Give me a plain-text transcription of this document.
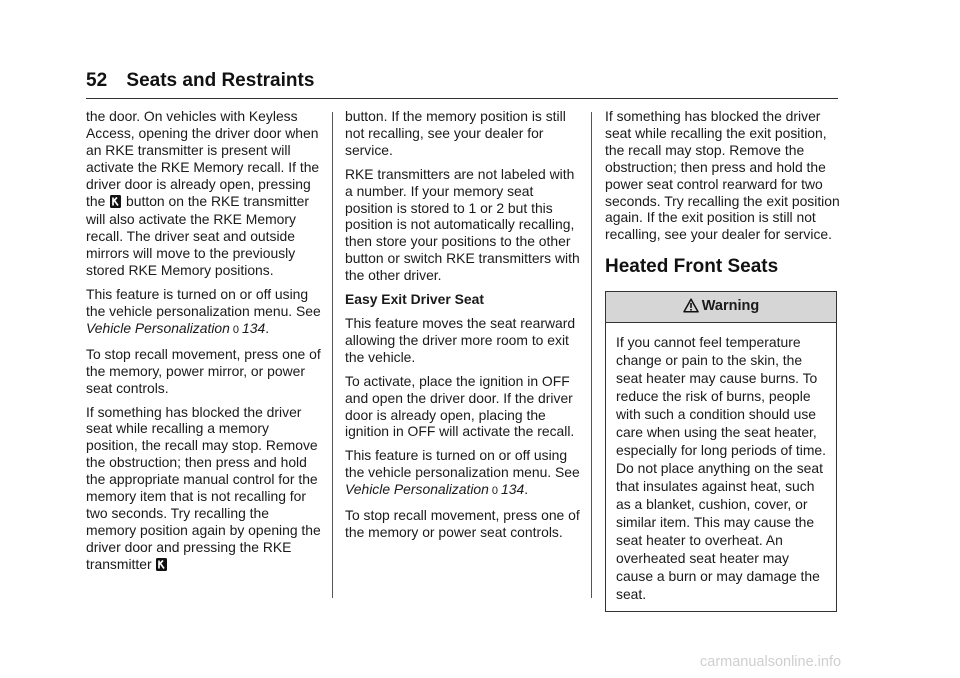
52 Seats and Restraints

the door. On vehicles with Keyless Access, opening the driver door when an RKE transmitter is present will activate the RKE Memory recall. If the driver door is already open, pressing the button on the RKE transmitter will also activate the RKE Memory recall. The driver seat and outside mirrors will move to the previously stored RKE Memory positions.

This feature is turned on or off using the vehicle personalization menu. See Vehicle Personalization 0 134.

To stop recall movement, press one of the memory, power mirror, or power seat controls.

If something has blocked the driver seat while recalling a memory position, the recall may stop. Remove the obstruction; then press and hold the appropriate manual control for the memory item that is not recalling for two seconds. Try recalling the memory position again by opening the driver door and pressing the RKE transmitter

button. If the memory position is still not recalling, see your dealer for service.

RKE transmitters are not labeled with a number. If your memory seat position is stored to 1 or 2 but this position is not automatically recalling, then store your positions to the other button or switch RKE transmitters with the other driver.

Easy Exit Driver Seat

This feature moves the seat rearward allowing the driver more room to exit the vehicle.

To activate, place the ignition in OFF and open the driver door. If the driver door is already open, placing the ignition in OFF will activate the recall.

This feature is turned on or off using the vehicle personalization menu. See Vehicle Personalization 0 134.

To stop recall movement, press one of the memory or power seat controls.

If something has blocked the driver seat while recalling the exit position, the recall may stop. Remove the obstruction; then press and hold the power seat control rearward for two seconds. Try recalling the exit position again. If the exit position is still not recalling, see your dealer for service.

Heated Front Seats
Warning
If you cannot feel temperature change or pain to the skin, the seat heater may cause burns. To reduce the risk of burns, people with such a condition should use care when using the seat heater, especially for long periods of time. Do not place anything on the seat that insulates against heat, such as a blanket, cushion, cover, or similar item. This may cause the seat heater to overheat. An overheated seat heater may cause a burn or may damage the seat.
carmanualsonline.info
